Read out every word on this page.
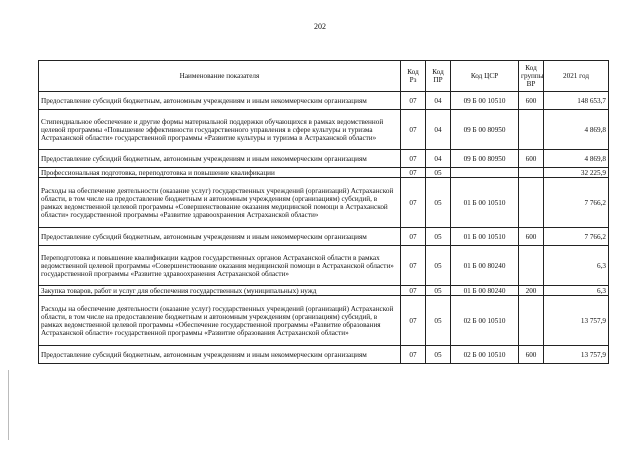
202
Наименование показателя	Код Рз	Код ПР	Код ЦСР	Код группы ВР	2021 год
Предоставление субсидий бюджетным, автономным учреждениям и иным некоммерческим организациям	07	04	09 Б 00 10510	600	148 653,7
Стипендиальное обеспечение и другие формы материальной поддержки обучающихся в рамках ведомственной целевой программы «Повышение эффективности государственного управления в сфере культуры и туризма Астраханской области» государственной программы «Развитие культуры и туризма в Астраханской области»	07	04	09 Б 00 80950		4 869,8
Предоставление субсидий бюджетным, автономным учреждениям и иным некоммерческим организациям	07	04	09 Б 00 80950	600	4 869,8
Профессиональная подготовка, переподготовка и повышение квалификации	07	05			32 225,9
Расходы на обеспечение деятельности (оказание услуг) государственных учреждений (организаций) Астраханской области, в том числе на предоставление бюджетным и автономным учреждениям (организациям) субсидий, в рамках ведомственной целевой программы «Совершенствование оказания медицинской помощи в Астраханской области» государственной программы «Развитие здравоохранения Астраханской области»	07	05	01 Б 00 10510		7 766,2
Предоставление субсидий бюджетным, автономным учреждениям и иным некоммерческим организациям	07	05	01 Б 00 10510	600	7 766,2
Переподготовка и повышение квалификации кадров государственных органов Астраханской области в рамках ведомственной целевой программы «Совершенствование оказания медицинской помощи в Астраханской области» государственной программы «Развитие здравоохранения Астраханской области»	07	05	01 Б 00 80240		6,3
Закупка товаров, работ и услуг для обеспечения государственных (муниципальных) нужд	07	05	01 Б 00 80240	200	6,3
Расходы на обеспечение деятельности (оказание услуг) государственных учреждений (организаций) Астраханской области, в том числе на предоставление бюджетным и автономным учреждениям (организациям) субсидий, в рамках ведомственной целевой программы «Обеспечение государственной программы «Развитие образования Астраханской области» государственной программы «Развитие образования Астраханской области»	07	05	02 Б 00 10510		13 757,9
Предоставление субсидий бюджетным, автономным учреждениям и иным некоммерческим организациям	07	05	02 Б 00 10510	600	13 757,9
